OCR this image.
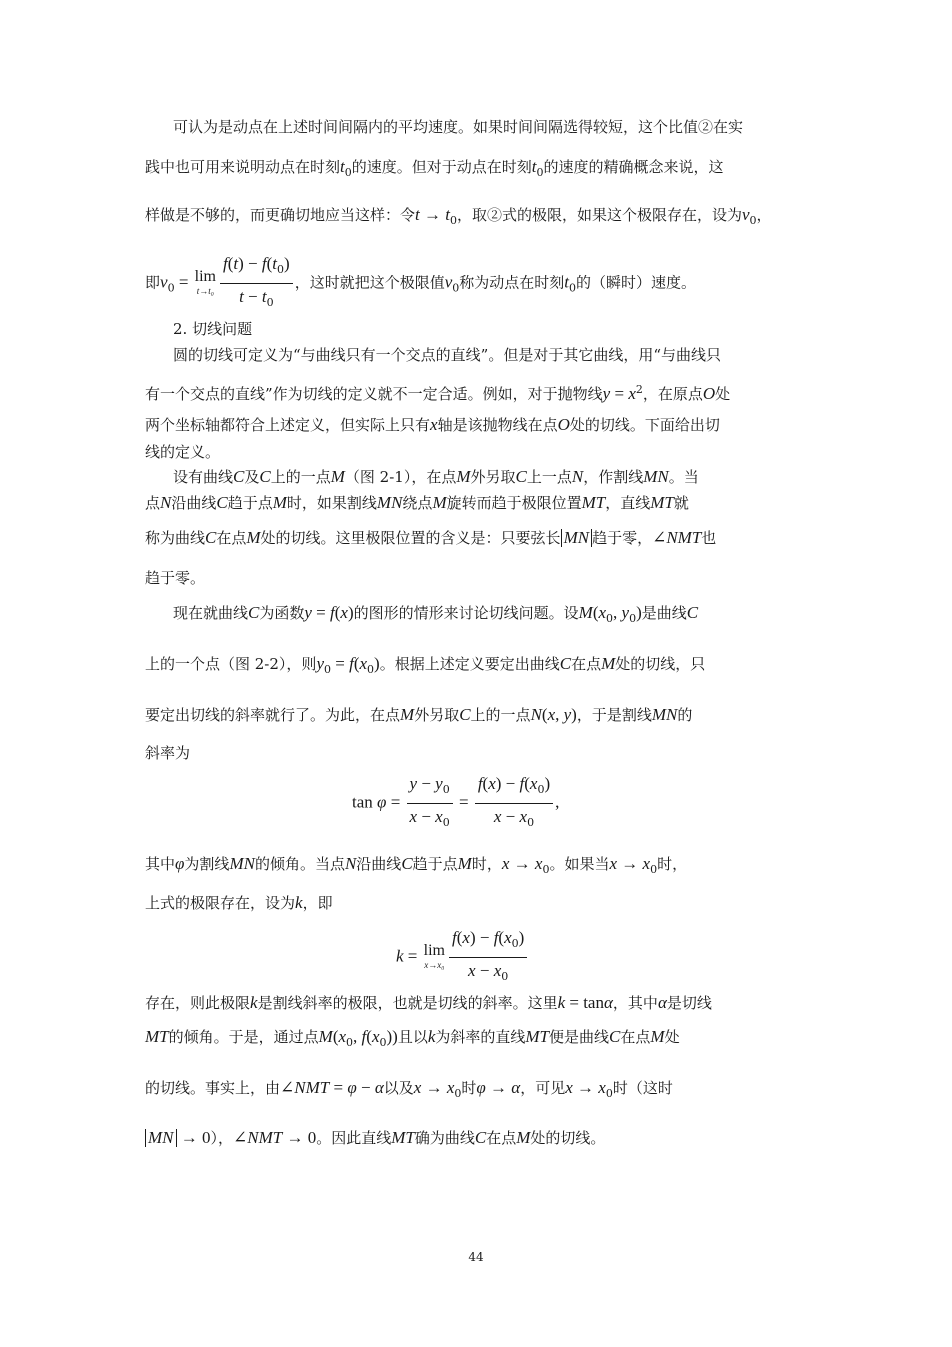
可认为是动点在上述时间间隔内的平均速度。如果时间间隔选得较短，这个比值②在实
践中也可用来说明动点在时刻$t_0$的速度。但对于动点在时刻$t_0$的速度的精确概念来说，这
样做是不够的，而更确切地应当这样：令$t \to t_0$，取②式的极限，如果这个极限存在，设为$v_0$，
即$v_0 = \lim$
$t\to t_0 \frac{f(t) - f(t_0)}{t - t_0}$ ，这时就把这个极限值$v_0$称为动点在时刻$t_0$的（瞬时）速度。
2. 切线问题
圆的切线可定义为“与曲线只有一个交点的直线”。但是对于其它曲线，用“与曲线只
有一个交点的直线”作为切线的定义就不一定合适。例如，对于抛物线$y = x^2$，在原点O处
两个坐标轴都符合上述定义，但实际上只有x轴是该抛物线在点O处的切线。下面给出切
线的定义。
设有曲线C及C上的一点M（图 2-1），在点M外另取C上一点N，作割线MN。当
点N沿曲线C趋于点M时，如果割线MN绕点M旋转而趋于极限位置MT，直线MT就
称为曲线C在点M处的切线。这里极限位置的含义是：只要弦长 MN 趋于零，∠NMT也
趋于零。
现在就曲线C为函数y = f(x)的图形的情形来讨论切线问题。设$M(x_0$, $y_0$)是曲线C
上的一个点（图 2-2），则$y_0 = f(x_0)$。根据上述定义要定出曲线C在点M处的切线，只
要定出切线的斜率就行了。为此，在点M外另取C上的一点N(x, y)，于是割线MN的
斜率为
$\tan \varphi = \frac{y - y_0}{x - x_0} = \frac{f(x) - f(x_0)}{x - x_0}$ ,
其中φ为割线MN的倾角。当点N沿曲线C趋于点M时，$x \to x_0$。如果当$x \to x_0$时，
上式的极限存在，设为k，即
k = lim
$x\to x_0 \frac{f(x) - f(x_0)}{x - x_0}$
存在，则此极限k是割线斜率的极限，也就是切线的斜率。这里k = tanα，其中α是切线
MT的倾角。于是，通过点$M(x_0$, $f(x_0)$)且以k为斜率的直线MT便是曲线C在点M处
的切线。事实上，由∠NMT = φ − α以及$x \to x_0$时φ → α，可见$x \to x_0$时（这时
MN → 0），∠NMT → 0。因此直线MT确为曲线C在点M处的切线。
44
